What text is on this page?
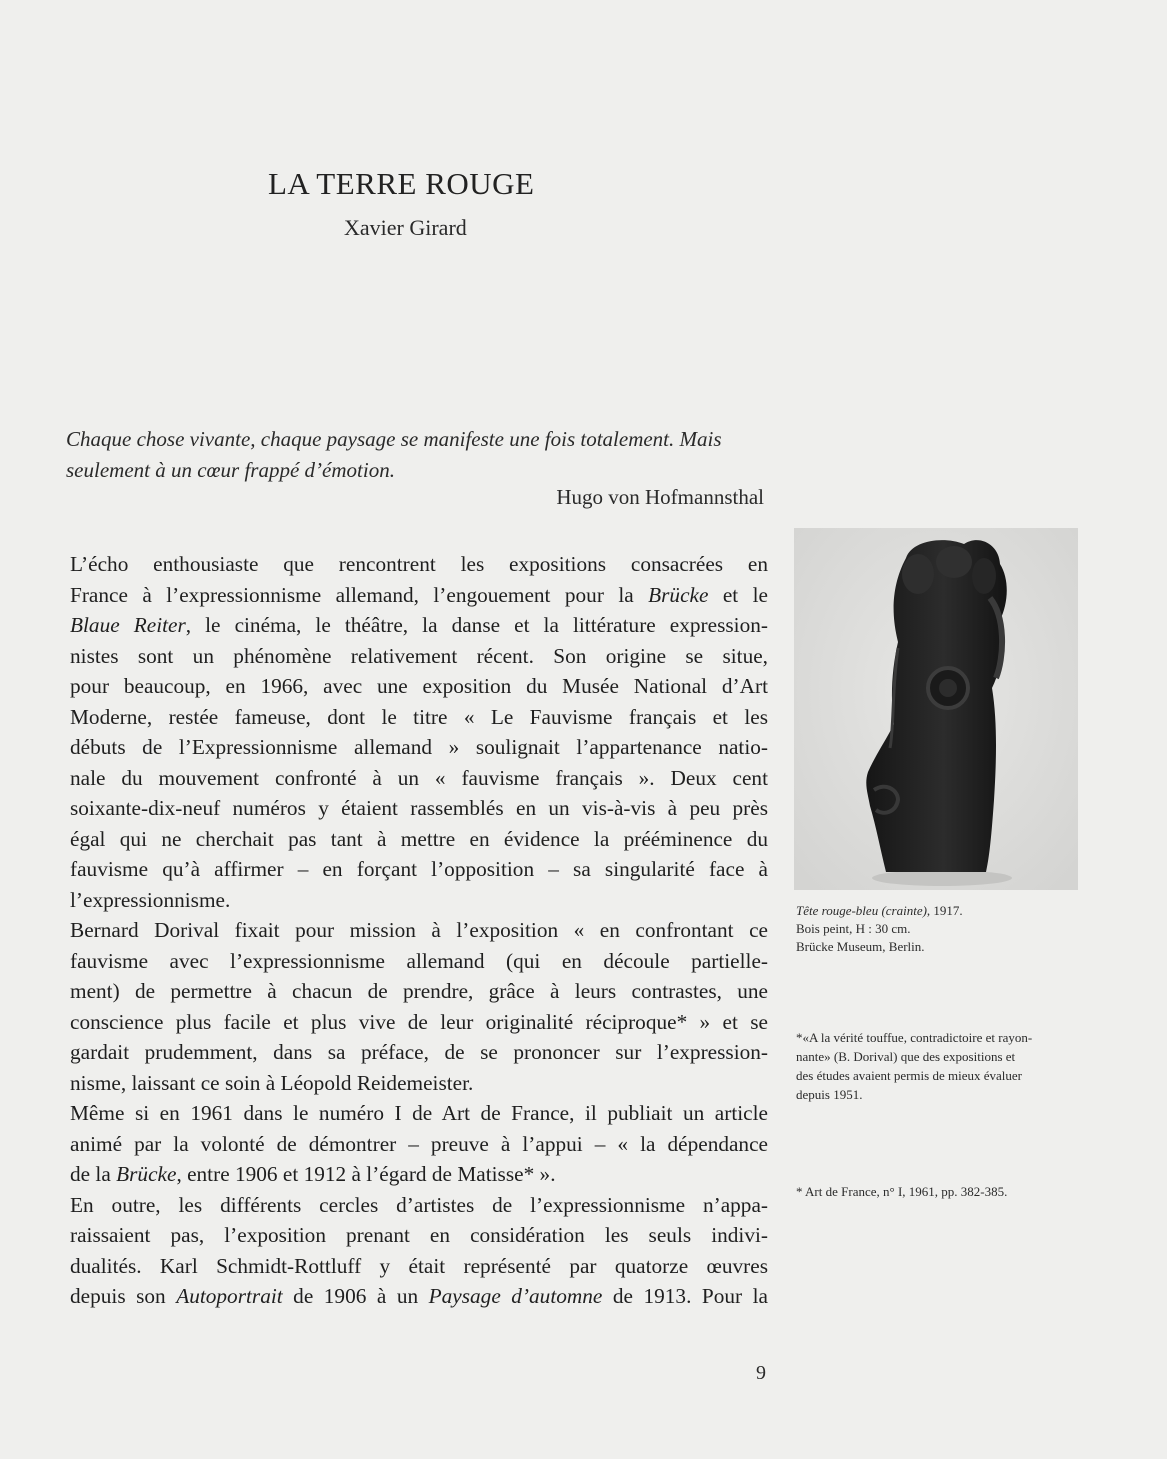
LA TERRE ROUGE
Xavier Girard
Chaque chose vivante, chaque paysage se manifeste une fois totalement. Mais
seulement à un cœur frappé d’émotion.
Hugo von Hofmannsthal
L’écho enthousiaste que rencontrent les expositions consacrées en
France à l’expressionnisme allemand, l’engouement pour la Brücke et le
Blaue Reiter, le cinéma, le théâtre, la danse et la littérature expression-
nistes sont un phénomène relativement récent. Son origine se situe,
pour beaucoup, en 1966, avec une exposition du Musée National d’Art
Moderne, restée fameuse, dont le titre « Le Fauvisme français et les
débuts de l’Expressionnisme allemand » soulignait l’appartenance natio-
nale du mouvement confronté à un « fauvisme français ». Deux cent
soixante-dix-neuf numéros y étaient rassemblés en un vis-à-vis à peu près
égal qui ne cherchait pas tant à mettre en évidence la prééminence du
fauvisme qu’à affirmer – en forçant l’opposition – sa singularité face à
l’expressionnisme.
Bernard Dorival fixait pour mission à l’exposition « en confrontant ce
fauvisme avec l’expressionnisme allemand (qui en découle partielle-
ment) de permettre à chacun de prendre, grâce à leurs contrastes, une
conscience plus facile et plus vive de leur originalité réciproque* » et se
gardait prudemment, dans sa préface, de se prononcer sur l’expression-
nisme, laissant ce soin à Léopold Reidemeister.
Même si en 1961 dans le numéro I de Art de France, il publiait un article
animé par la volonté de démontrer – preuve à l’appui – « la dépendance
de la Brücke, entre 1906 et 1912 à l’égard de Matisse* ».
En outre, les différents cercles d’artistes de l’expressionnisme n’appa-
raissaient pas, l’exposition prenant en considération les seuls indivi-
dualités. Karl Schmidt-Rottluff y était représenté par quatorze œuvres
depuis son Autoportrait de 1906 à un Paysage d’automne de 1913. Pour la
Tête rouge-bleu (crainte), 1917.
Bois peint, H : 30 cm.
Brücke Museum, Berlin.
*«A la vérité touffue, contradictoire et rayon-
nante» (B. Dorival) que des expositions et
des études avaient permis de mieux évaluer
depuis 1951.
* Art de France, n° I, 1961, pp. 382-385.
9
